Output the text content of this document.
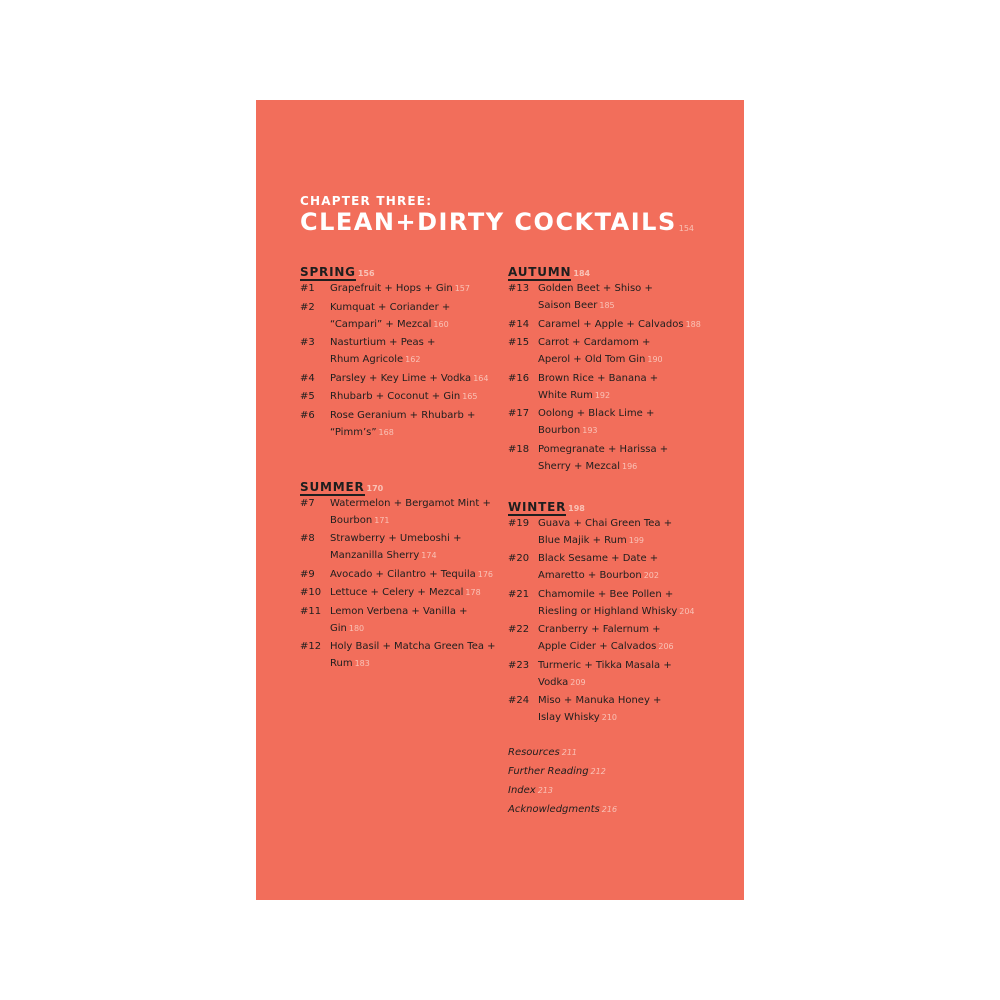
CHAPTER THREE:
CLEAN+DIRTY COCKTAILS 154
SPRING 156
#1	Grapefruit + Hops + Gin 157
#2	Kumquat + Coriander +
“Campari” + Mezcal 160
#3	Nasturtium + Peas +
Rhum Agricole 162
#4	Parsley + Key Lime + Vodka 164
#5	Rhubarb + Coconut + Gin 165
#6	Rose Geranium + Rhubarb +
“Pimm’s” 168
SUMMER 170
#7	Watermelon + Bergamot Mint +
Bourbon 171
#8	Strawberry + Umeboshi +
Manzanilla Sherry 174
#9	Avocado + Cilantro + Tequila 176
#10 Lettuce + Celery + Mezcal 178
#11 Lemon Verbena + Vanilla +
Gin 180
#12 Holy Basil + Matcha Green Tea +
Rum 183
AUTUMN 184
#13 Golden Beet + Shiso +
Saison Beer 185
#14 Caramel + Apple + Calvados 188
#15 Carrot + Cardamom +
Aperol + Old Tom Gin 190
#16 Brown Rice + Banana +
White Rum 192
#17 Oolong + Black Lime +
Bourbon 193
#18 Pomegranate + Harissa +
Sherry + Mezcal 196
WINTER 198
#19 Guava + Chai Green Tea +
Blue Majik + Rum 199
#20 Black Sesame + Date +
Amaretto + Bourbon 202
#21 Chamomile + Bee Pollen +
Riesling or Highland Whisky 204
#22 Cranberry + Falernum +
Apple Cider + Calvados 206
#23 Turmeric + Tikka Masala +
Vodka 209
#24 Miso + Manuka Honey +
Islay Whisky 210
Resources 211
Further Reading 212
Index 213
Acknowledgments 216
